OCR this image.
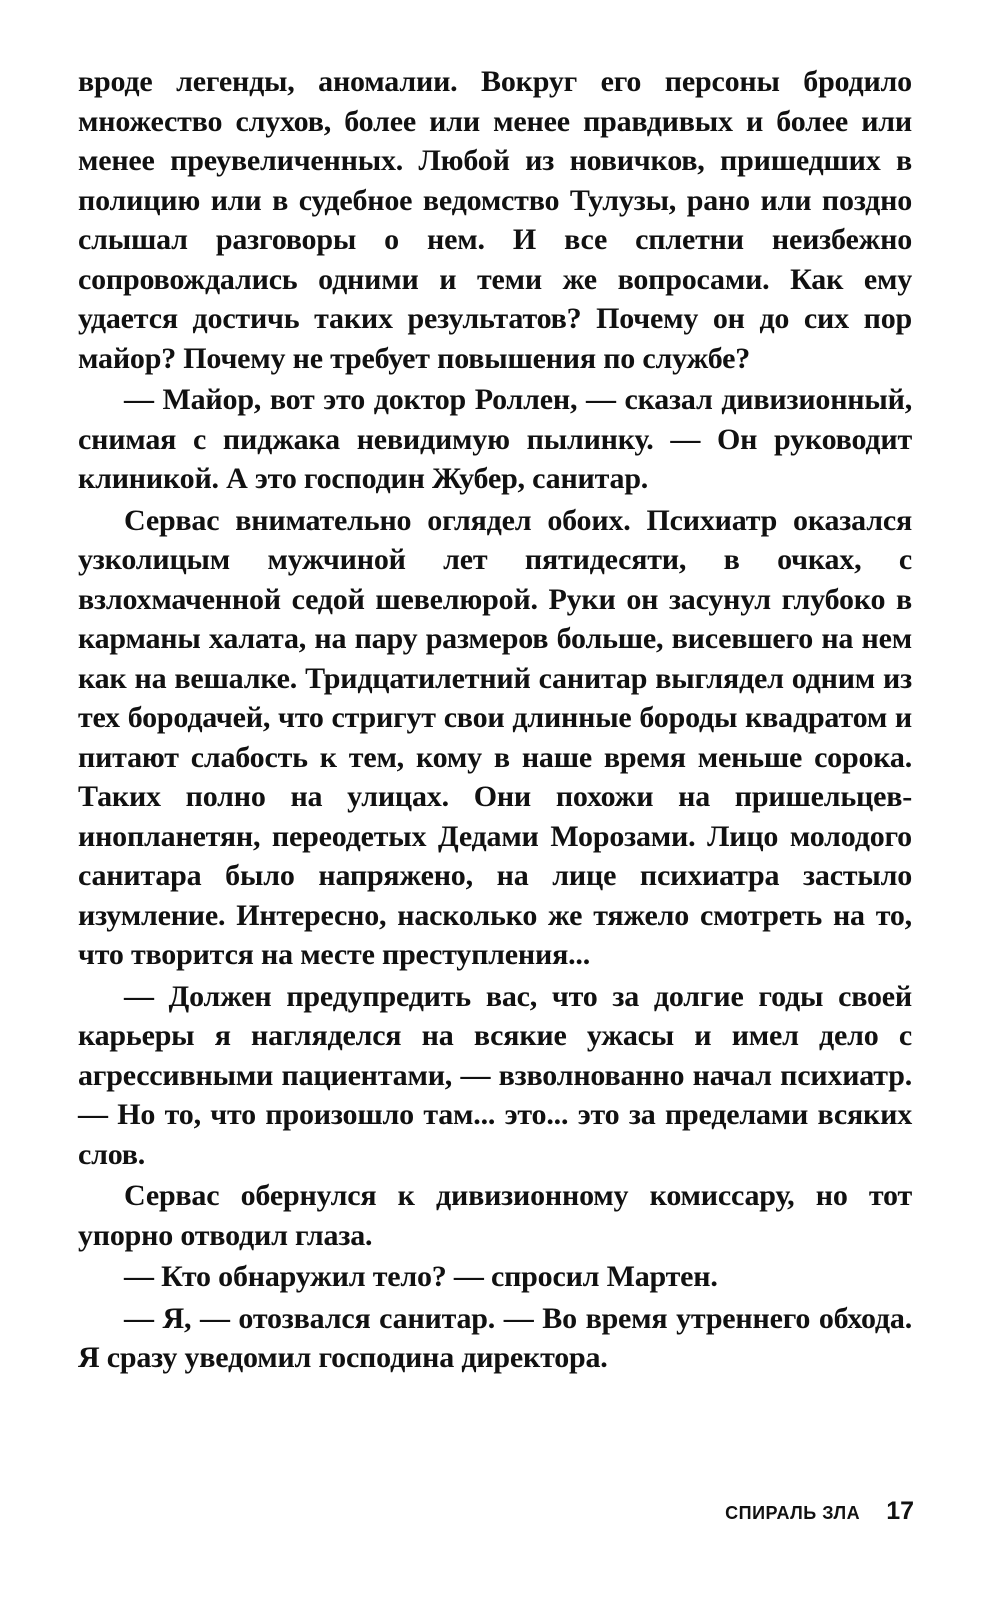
вроде легенды, аномалии. Вокруг его персоны бродило множество слухов, более или менее правдивых и более или менее преувеличенных. Любой из новичков, пришедших в полицию или в судебное ведомство Тулузы, рано или поздно слышал разговоры о нем. И все сплетни неизбежно сопровождались одними и теми же вопросами. Как ему удается достичь таких результатов? Почему он до сих пор майор? Почему не требует повышения по службе?

— Майор, вот это доктор Роллен, — сказал дивизионный, снимая с пиджака невидимую пылинку. — Он руководит клиникой. А это господин Жубер, санитар.

Сервас внимательно оглядел обоих. Психиатр оказался узколицым мужчиной лет пятидесяти, в очках, с взлохмаченной седой шевелюрой. Руки он засунул глубоко в карманы халата, на пару размеров больше, висевшего на нем как на вешалке. Тридцатилетний санитар выглядел одним из тех бородачей, что стригут свои длинные бороды квадратом и питают слабость к тем, кому в наше время меньше сорока. Таких полно на улицах. Они похожи на пришельцев-инопланетян, переодетых Дедами Морозами. Лицо молодого санитара было напряжено, на лице психиатра застыло изумление. Интересно, насколько же тяжело смотреть на то, что творится на месте преступления...

— Должен предупредить вас, что за долгие годы своей карьеры я нагляделся на всякие ужасы и имел дело с агрессивными пациентами, — взволнованно начал психиатр. — Но то, что произошло там... это... это за пределами всяких слов.

Сервас обернулся к дивизионному комиссару, но тот упорно отводил глаза.

— Кто обнаружил тело? — спросил Мартен.

— Я, — отозвался санитар. — Во время утреннего обхода. Я сразу уведомил господина директора.

СПИРАЛЬ ЗЛА 17
